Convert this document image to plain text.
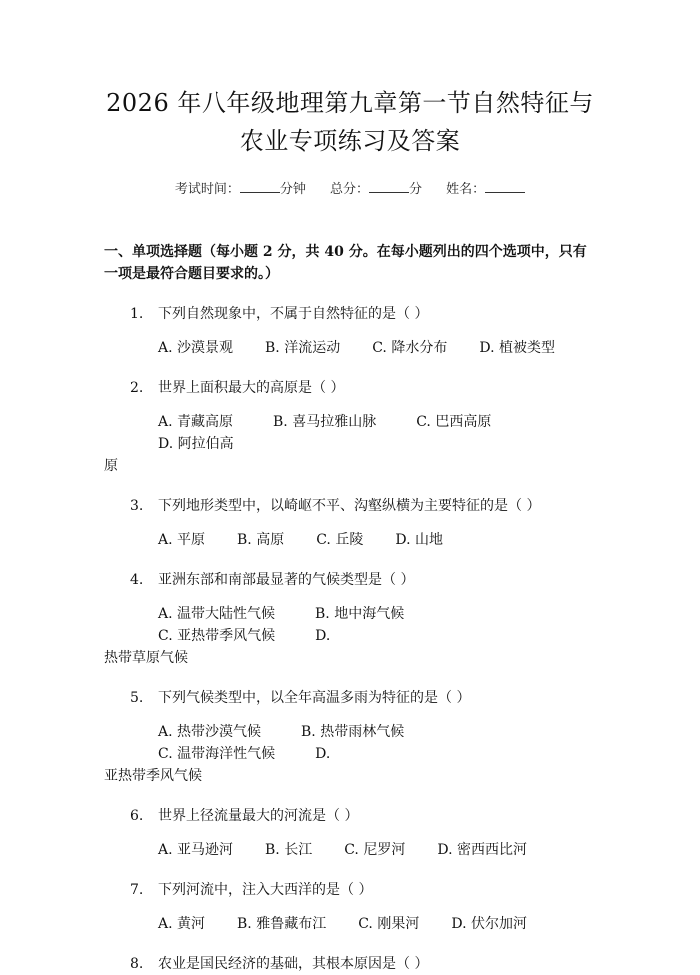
2026 年八年级地理第九章第一节自然特征与
农业专项练习及答案
考试时间：	分钟 总分：	分 姓名：
一、单项选择题（每小题 2 分，共 40 分。在每小题列出的四个选项中，只有一项是最符合题目要求的。）
1.	下列自然现象中，不属于自然特征的是（ ）
A. 沙漠景观 B. 洋流运动 C. 降水分布 D. 植被类型
2.	世界上面积最大的高原是（ ）
A. 青藏高原	B. 喜马拉雅山脉	C. 巴西高原
D. 阿拉伯高
原
3.	下列地形类型中，以崎岖不平、沟壑纵横为主要特征的是（ ）
A. 平原 B. 高原 C. 丘陵 D. 山地
4.	亚洲东部和南部最显著的气候类型是（ ）
A. 温带大陆性气候	B. 地中海气候
C. 亚热带季风气候	D.
热带草原气候
5.	下列气候类型中，以全年高温多雨为特征的是（ ）
A. 热带沙漠气候	B. 热带雨林气候
C. 温带海洋性气候	D.
亚热带季风气候
6.	世界上径流量最大的河流是（ ）
A. 亚马逊河 B. 长江 C. 尼罗河 D. 密西西比河
7.	下列河流中，注入大西洋的是（ ）
A. 黄河 B. 雅鲁藏布江 C. 刚果河 D. 伏尔加河
8.	农业是国民经济的基础，其根本原因是（ ）
